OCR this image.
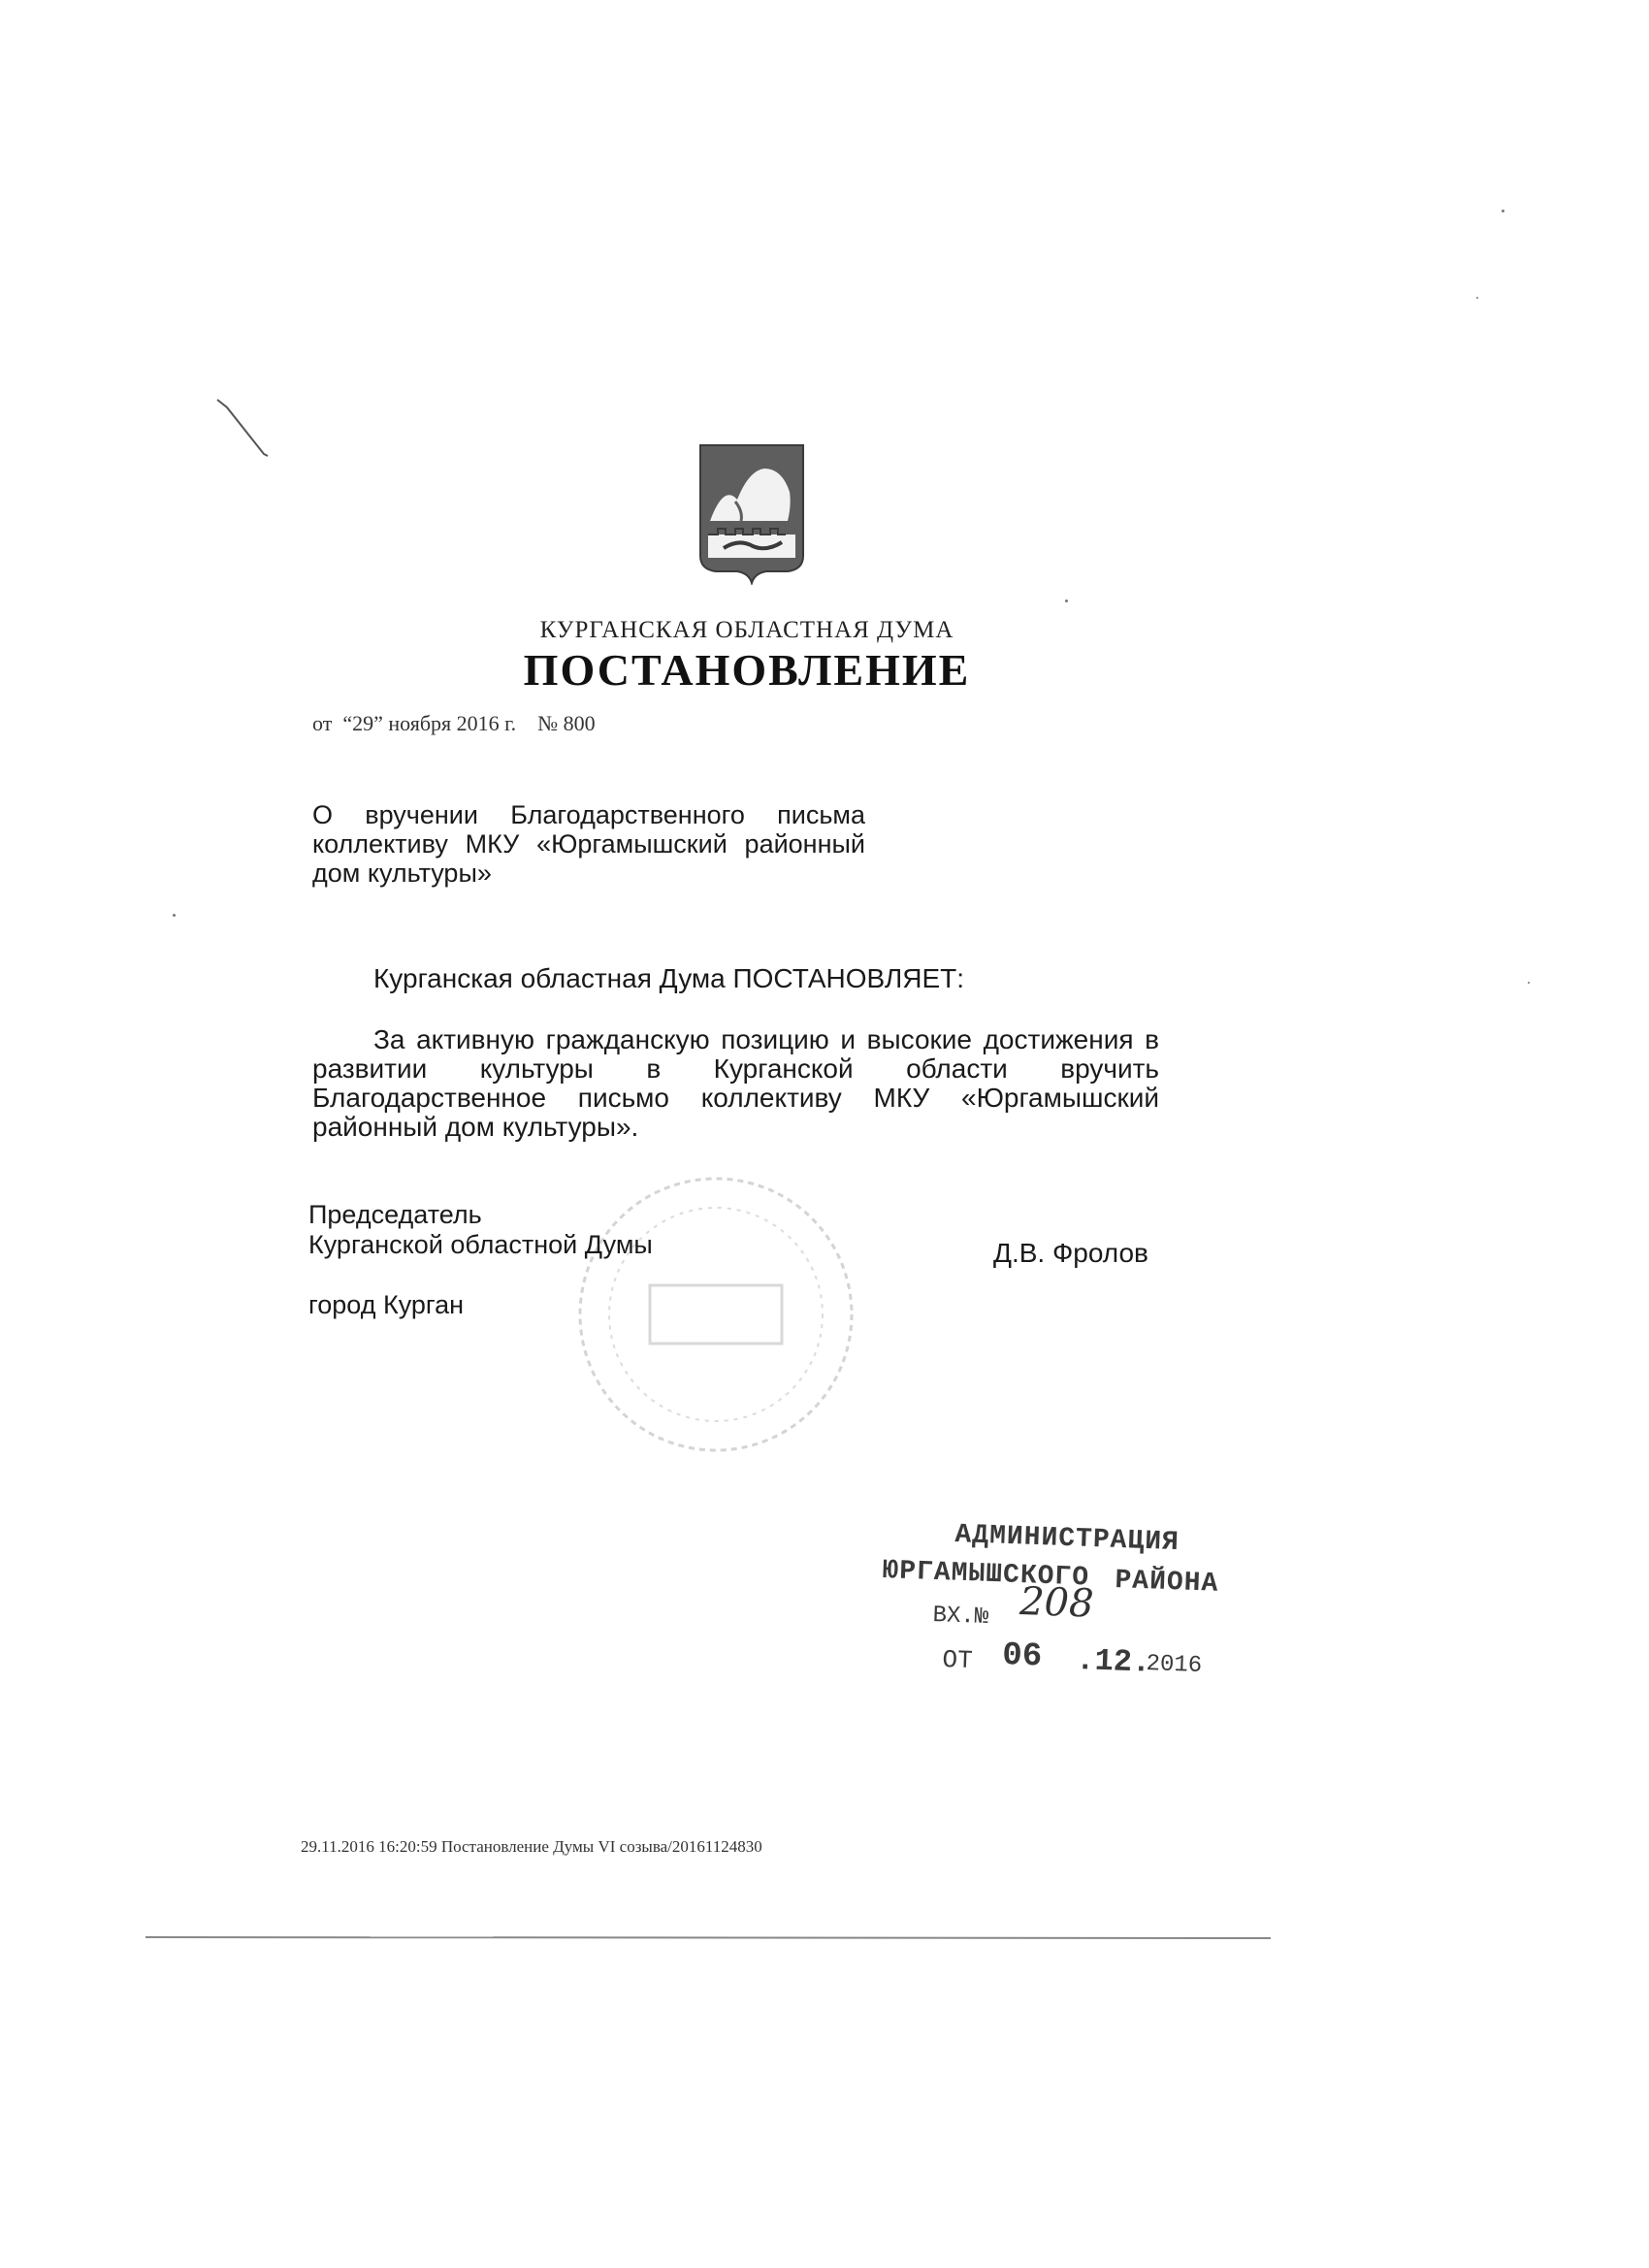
КУРГАНСКАЯ ОБЛАСТНАЯ ДУМА
ПОСТАНОВЛЕНИЕ
от  “29” ноября 2016 г.    № 800
О вручении Благодарственного письма коллективу МКУ «Юргамышский районный дом культуры»
Курганская областная Дума ПОСТАНОВЛЯЕТ:
За активную гражданскую позицию и высокие достижения в развитии культуры в Курганской области вручить Благодарственное письмо коллективу МКУ «Юргамышский районный дом культуры».
Председатель
Курганской областной Думы	Д.В. Фролов
город Курган
АДМИНИСТРАЦИЯ
ЮРГАМЫШСКОГО РАЙОНА
ВХ.№ 208
ОТ 06 .12.
2016
29.11.2016 16:20:59 Постановление Думы VI созыва/20161124830
